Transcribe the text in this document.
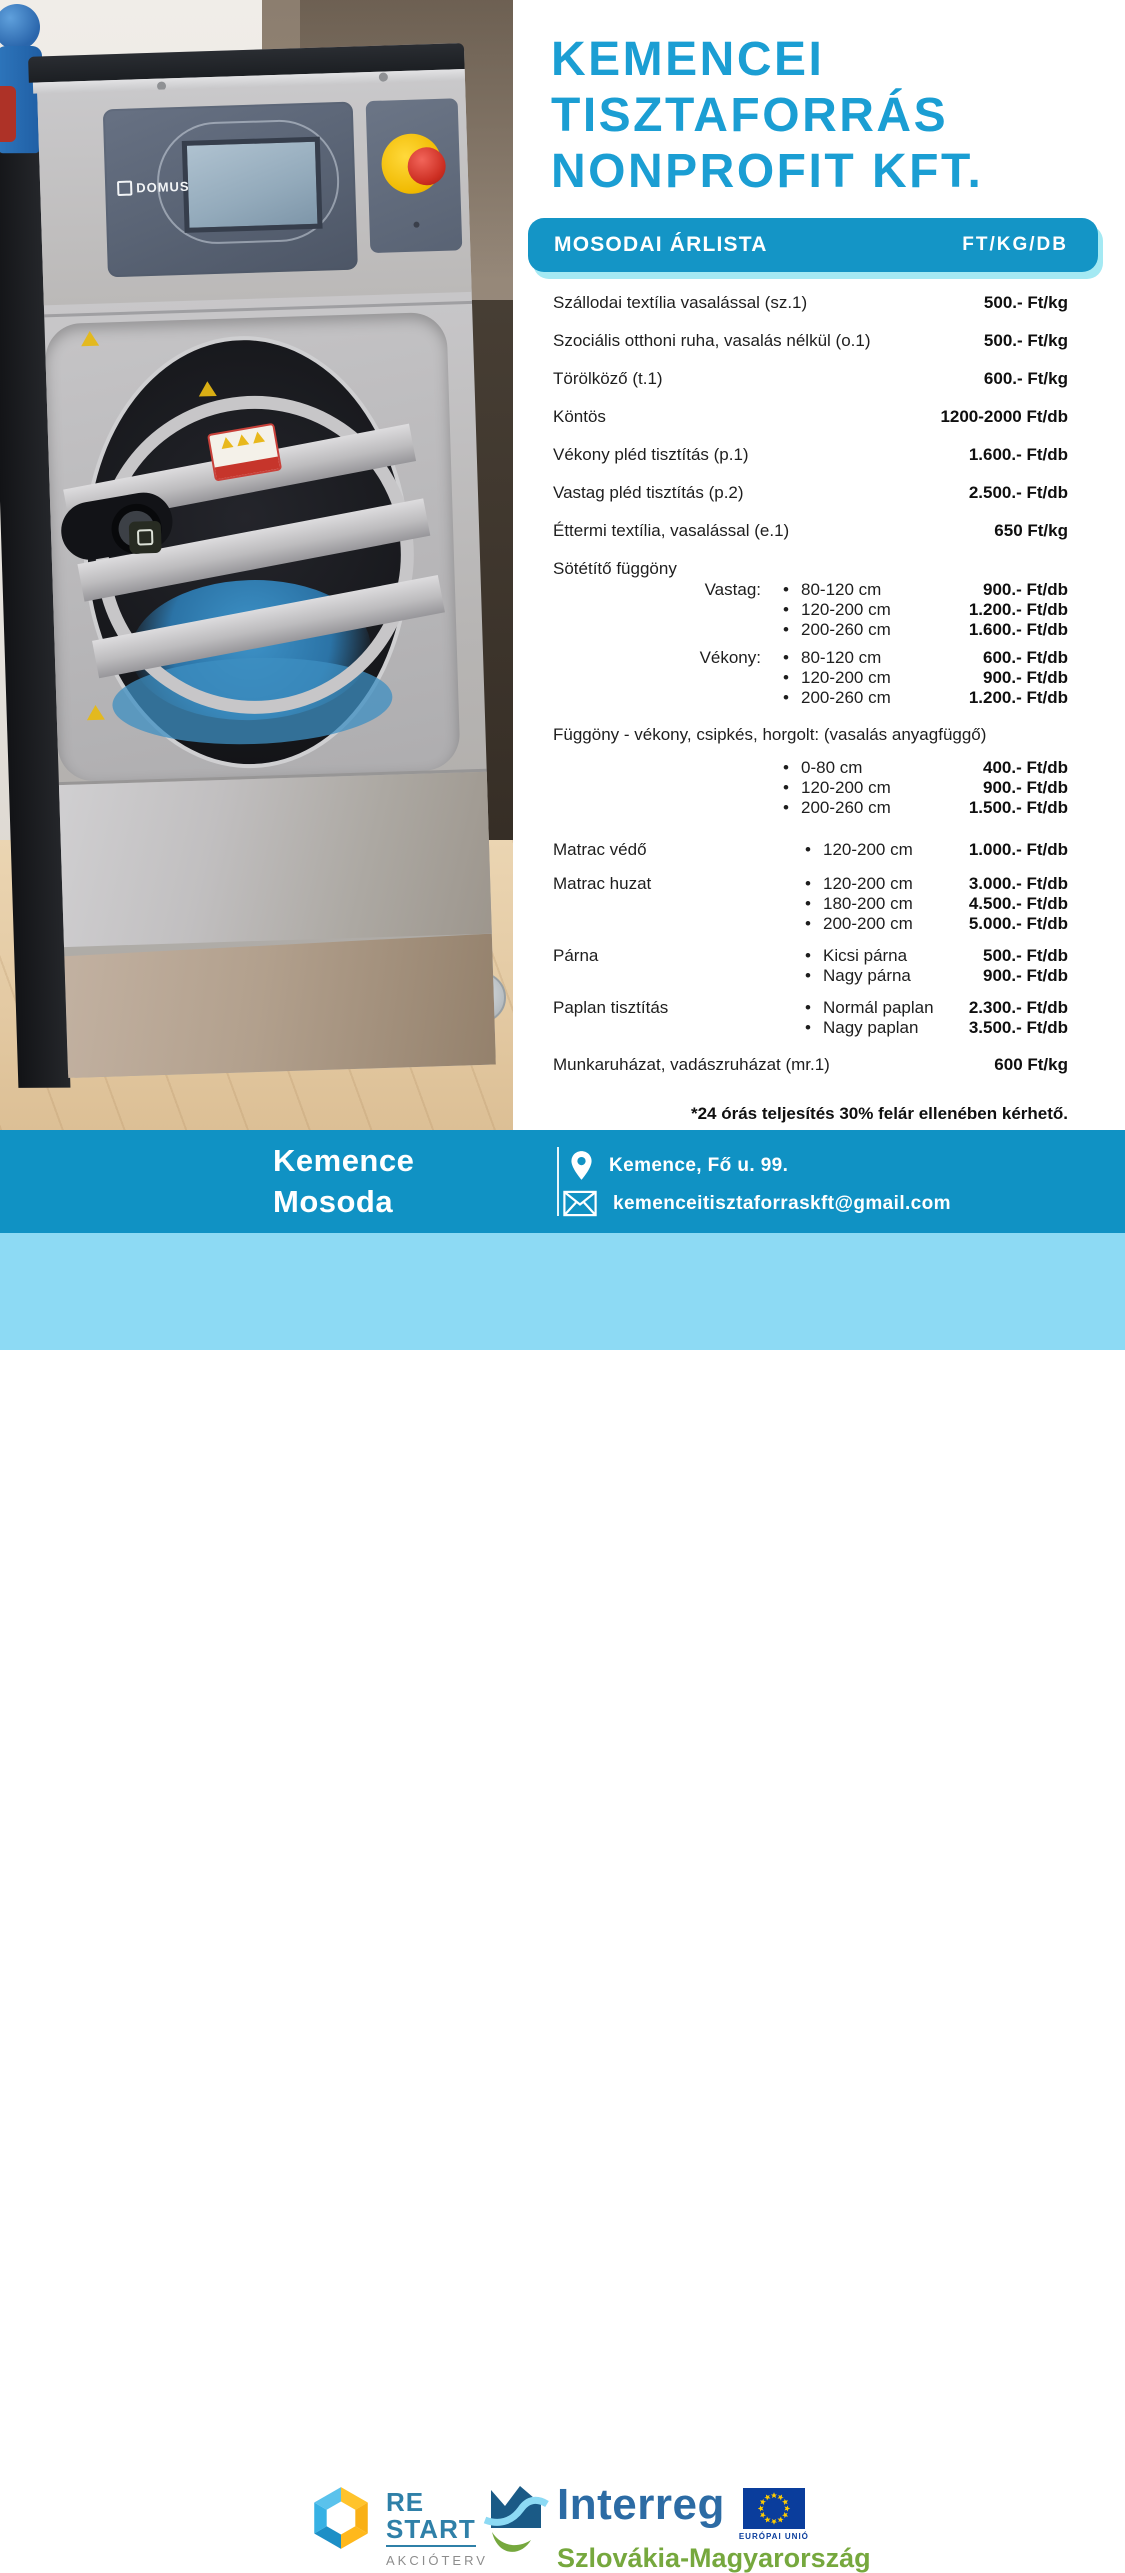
DOMUS
KEMENCEI
TISZTAFORRÁS
NONPROFIT KFT.
MOSODAI ÁRLISTA	FT/KG/DB
Szállodai textília vasalással (sz.1)	500.- Ft/kg
Szociális otthoni ruha, vasalás nélkül (o.1)	500.- Ft/kg
Törölköző (t.1)	600.- Ft/kg
Köntös	1200-2000 Ft/db
Vékony pléd tisztítás (p.1)	1.600.- Ft/db
Vastag pléd tisztítás (p.2)	2.500.- Ft/db
Éttermi textília, vasalással (e.1)	650 Ft/kg
Sötétítő függöny
Vastag:	• 80-120 cm	900.- Ft/db
• 120-200 cm	1.200.- Ft/db
• 200-260 cm	1.600.- Ft/db
Vékony:	• 80-120 cm	600.- Ft/db
• 120-200 cm	900.- Ft/db
• 200-260 cm	1.200.- Ft/db
Függöny - vékony, csipkés, horgolt: (vasalás anyagfüggő)
• 0-80 cm	400.- Ft/db
• 120-200 cm	900.- Ft/db
• 200-260 cm	1.500.- Ft/db
Matrac védő	• 120-200 cm	1.000.- Ft/db
Matrac huzat	• 120-200 cm	3.000.- Ft/db
• 180-200 cm	4.500.- Ft/db
• 200-200 cm	5.000.- Ft/db
Párna	• Kicsi párna	500.- Ft/db
• Nagy párna	900.- Ft/db
Paplan tisztítás	• Normál paplan	2.300.- Ft/db
• Nagy paplan	3.500.- Ft/db
Munkaruházat, vadászruházat (mr.1)	600 Ft/kg
*24 órás teljesítés 30% felár ellenében kérhető.
Kemence
Mosoda
Kemence, Fő u. 99.
kemenceitisztaforraskft@gmail.com
RE
START
AKCIÓTERV
Interreg
EURÓPAI UNIÓ
Szlovákia-Magyarország
